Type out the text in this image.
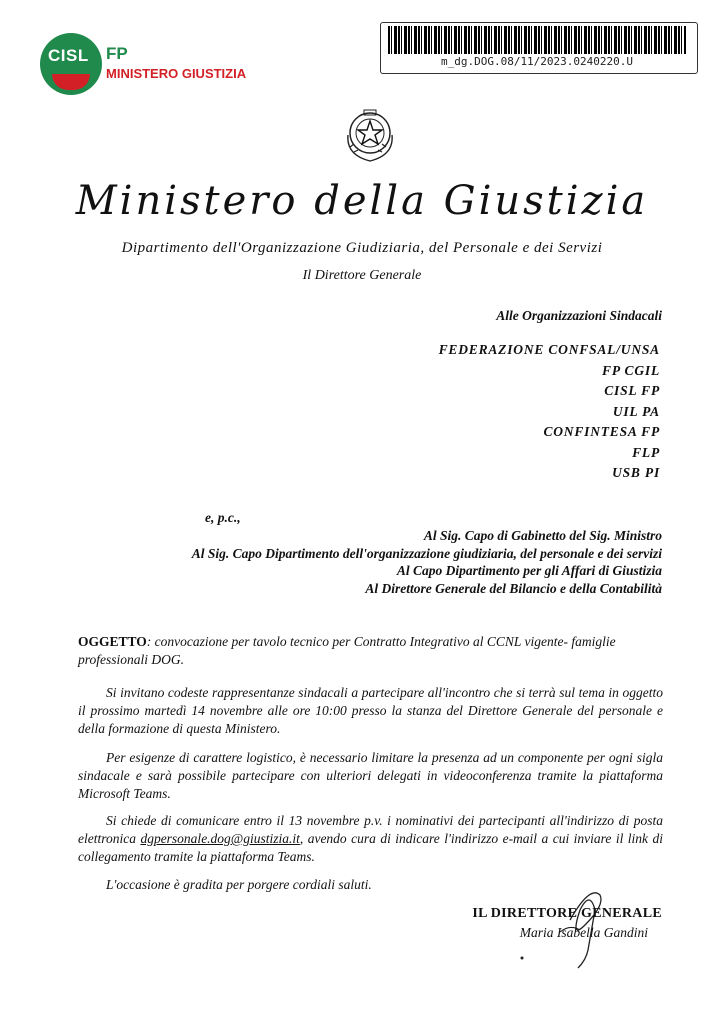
CISL FP
MINISTERO GIUSTIZIA
m_dg.DOG.08/11/2023.0240220.U
Ministero della Giustizia
Dipartimento dell'Organizzazione Giudiziaria, del Personale e dei Servizi
Il Direttore Generale
Alle Organizzazioni Sindacali
FEDERAZIONE CONFSAL/UNSA
FP CGIL
CISL FP
UIL PA
CONFINTESA FP
FLP
USB PI
e, p.c.,
Al Sig. Capo di Gabinetto del Sig. Ministro
Al Sig. Capo Dipartimento dell'organizzazione giudiziaria, del personale e dei servizi
Al Capo Dipartimento per gli Affari di Giustizia
Al Direttore Generale del Bilancio e della Contabilità
OGGETTO: convocazione per tavolo tecnico per Contratto Integrativo al CCNL vigente- famiglie professionali DOG.
Si invitano codeste rappresentanze sindacali a partecipare all'incontro che si terrà sul tema in oggetto il prossimo martedì 14 novembre alle ore 10:00 presso la stanza del Direttore Generale del personale e della formazione di questa Ministero.
Per esigenze di carattere logistico, è necessario limitare la presenza ad un componente per ogni sigla sindacale e sarà possibile partecipare con ulteriori delegati in videoconferenza tramite la piattaforma Microsoft Teams.
Si chiede di comunicare entro il 13 novembre p.v. i nominativi dei partecipanti all'indirizzo di posta elettronica dgpersonale.dog@giustizia.it, avendo cura di indicare l'indirizzo e-mail a cui inviare il link di collegamento tramite la piattaforma Teams.
L'occasione è gradita per porgere cordiali saluti.
IL DIRETTORE GENERALE
Maria Isabella Gandini
